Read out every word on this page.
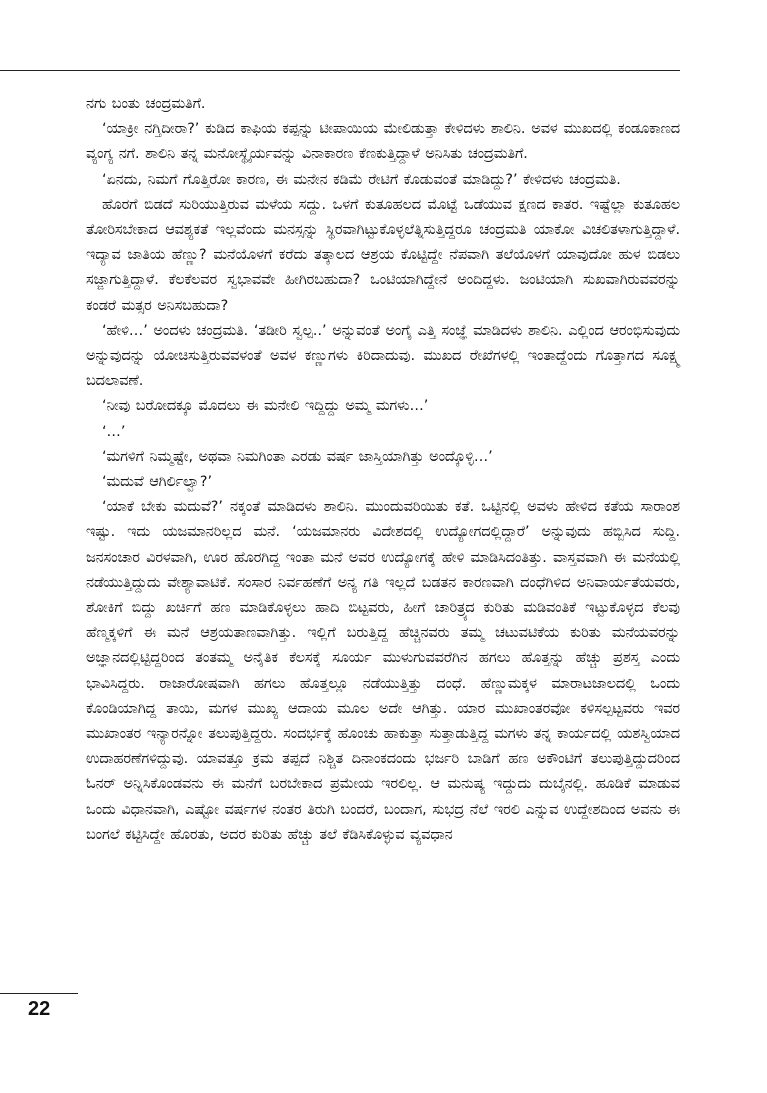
ನಗು ಬಂತು ಚಂದ್ರಮತಿಗೆ.

‘ಯಾಕ್ರೀ ನಗ್ತಿದೀರಾ?’ ಕುಡಿದ ಕಾಫಿಯ ಕಪ್ಪನ್ನು ಟೀಪಾಯಿಯ ಮೇಲಿಡುತ್ತಾ ಕೇಳಿದಳು ಶಾಲಿನಿ. ಅವಳ ಮುಖದಲ್ಲಿ ಕಂಡೂಕಾಣದ ವ್ಯಂಗ್ಯ ನಗೆ. ಶಾಲಿನಿ ತನ್ನ ಮನೋಸ್ಥೈರ್ಯವನ್ನು ವಿನಾಕಾರಣ ಕೆಣಕುತ್ತಿದ್ದಾಳೆ ಅನಿಸಿತು ಚಂದ್ರಮತಿಗೆ.

‘ಏನದು, ನಿಮಗೆ ಗೊತ್ತಿರೋ ಕಾರಣ, ಈ ಮನೇನ ಕಡಿಮೆ ರೇಟಿಗೆ ಕೊಡುವಂತೆ ಮಾಡಿದ್ದು?’ ಕೇಳಿದಳು ಚಂದ್ರಮತಿ.

ಹೊರಗೆ ಬಿಡದೆ ಸುರಿಯುತ್ತಿರುವ ಮಳೆಯ ಸದ್ದು. ಒಳಗೆ ಕುತೂಹಲದ ಮೊಟ್ಟೆ ಒಡೆಯುವ ಕ್ಷಣದ ಕಾತರ. ಇಷ್ಟೆಲ್ಲಾ ಕುತೂಹಲ ತೋರಿಸಬೇಕಾದ ಆವಶ್ಯಕತೆ ಇಲ್ಲವೆಂದು ಮನಸ್ಸನ್ನು ಸ್ಥಿರವಾಗಿಟ್ಟುಕೊಳ್ಳಲೆತ್ನಿಸುತ್ತಿದ್ದರೂ ಚಂದ್ರಮತಿ ಯಾಕೋ ವಿಚಲಿತಳಾಗುತ್ತಿದ್ದಾಳೆ. ಇದ್ಯಾವ ಜಾತಿಯ ಹೆಣ್ಣು? ಮನೆಯೊಳಗೆ ಕರೆದು ತತ್ಕಾಲದ ಆಶ್ರಯ ಕೊಟ್ಟಿದ್ದೇ ನೆಪವಾಗಿ ತಲೆಯೊಳಗೆ ಯಾವುದೋ ಹುಳ ಬಿಡಲು ಸಜ್ಜಾಗುತ್ತಿದ್ದಾಳೆ. ಕೆಲಕೆಲವರ ಸ್ವಭಾವವೇ ಹೀಗಿರಬಹುದಾ? ಒಂಟಿಯಾಗಿದ್ದೇನೆ ಅಂದಿದ್ದಳು. ಜಂಟಿಯಾಗಿ ಸುಖವಾಗಿರುವವರನ್ನು ಕಂಡರೆ ಮತ್ಸರ ಅನಿಸಬಹುದಾ?

‘ಹೇಳಿ…’ ಅಂದಳು ಚಂದ್ರಮತಿ. ‘ತಡೀರಿ ಸ್ವಲ್ಪ..’ ಅನ್ನುವಂತೆ ಅಂಗೈ ಎತ್ತಿ ಸಂಜ್ಞೆ ಮಾಡಿದಳು ಶಾಲಿನಿ. ಎಲ್ಲಿಂದ ಆರಂಭಿಸುವುದು ಅನ್ನುವುದನ್ನು ಯೋಚಿಸುತ್ತಿರುವವಳಂತೆ ಅವಳ ಕಣ್ಣುಗಳು ಕಿರಿದಾದುವು. ಮುಖದ ರೇಖೆಗಳಲ್ಲಿ ಇಂತಾದ್ದೆಂದು ಗೊತ್ತಾಗದ ಸೂಕ್ಷ್ಮ ಬದಲಾವಣೆ.

‘ನೀವು ಬರೋದಕ್ಕೂ ಮೊದಲು ಈ ಮನೇಲಿ ಇದ್ದಿದ್ದು ಅಮ್ಮ ಮಗಳು…’

‘…’

‘ಮಗಳಿಗೆ ನಿಮ್ಮಷ್ಟೇ, ಅಥವಾ ನಿಮಗಿಂತಾ ಎರಡು ವರ್ಷ ಜಾಸ್ತಿಯಾಗಿತ್ತು ಅಂದ್ಕೊಳ್ಳಿ…’

‘ಮದುವೆ ಆಗಿರ್ಲಿಲ್ವಾ?’

‘ಯಾಕೆ ಬೇಕು ಮದುವೆ?’ ನಕ್ಕಂತೆ ಮಾಡಿದಳು ಶಾಲಿನಿ. ಮುಂದುವರಿಯಿತು ಕತೆ. ಒಟ್ಟಿನಲ್ಲಿ ಅವಳು ಹೇಳಿದ ಕತೆಯ ಸಾರಾಂಶ ಇಷ್ಟು. ಇದು ಯಜಮಾನರಿಲ್ಲದ ಮನೆ. ‘ಯಜಮಾನರು ವಿದೇಶದಲ್ಲಿ ಉದ್ಯೋಗದಲ್ಲಿದ್ದಾರೆ’ ಅನ್ನುವುದು ಹಬ್ಬಿಸಿದ ಸುದ್ದಿ. ಜನಸಂಚಾರ ವಿರಳವಾಗಿ, ಊರ ಹೊರಗಿದ್ದ ಇಂತಾ ಮನೆ ಅವರ ಉದ್ಯೋಗಕ್ಕೆ ಹೇಳಿ ಮಾಡಿಸಿದಂತಿತ್ತು. ವಾಸ್ತವವಾಗಿ ಈ ಮನೆಯಲ್ಲಿ ನಡೆಯುತ್ತಿದ್ದುದು ವೇಶ್ಯಾವಾಟಿಕೆ. ಸಂಸಾರ ನಿರ್ವಹಣೆಗೆ ಅನ್ಯ ಗತಿ ಇಲ್ಲದೆ ಬಡತನ ಕಾರಣವಾಗಿ ದಂಧೆಗಿಳಿದ ಅನಿವಾರ್ಯತೆಯವರು, ಶೋಕಿಗೆ ಬಿದ್ದು ಖರ್ಚಿಗೆ ಹಣ ಮಾಡಿಕೊಳ್ಳಲು ಹಾದಿ ಬಿಟ್ಟವರು, ಹೀಗೆ ಚಾರಿತ್ರ್ಯದ ಕುರಿತು ಮಡಿವಂತಿಕೆ ಇಟ್ಟುಕೊಳ್ಳದ ಕೆಲವು ಹೆಣ್ಮಕ್ಕಳಿಗೆ ಈ ಮನೆ ಆಶ್ರಯತಾಣವಾಗಿತ್ತು. ಇಲ್ಲಿಗೆ ಬರುತ್ತಿದ್ದ ಹೆಚ್ಚಿನವರು ತಮ್ಮ ಚಟುವಟಿಕೆಯ ಕುರಿತು ಮನೆಯವರನ್ನು ಅಜ್ಞಾನದಲ್ಲಿಟ್ಟಿದ್ದರಿಂದ ತಂತಮ್ಮ ಅನೈತಿಕ ಕೆಲಸಕ್ಕೆ ಸೂರ್ಯ ಮುಳುಗುವವರೆಗಿನ ಹಗಲು ಹೊತ್ತನ್ನು ಹೆಚ್ಚು ಪ್ರಶಸ್ತ ಎಂದು ಭಾವಿಸಿದ್ದರು. ರಾಜಾರೋಷವಾಗಿ ಹಗಲು ಹೊತ್ತಲ್ಲೂ ನಡೆಯುತ್ತಿತ್ತು ದಂಧೆ. ಹೆಣ್ಣುಮಕ್ಕಳ ಮಾರಾಟಜಾಲದಲ್ಲಿ ಒಂದು ಕೊಂಡಿಯಾಗಿದ್ದ ತಾಯಿ, ಮಗಳ ಮುಖ್ಯ ಆದಾಯ ಮೂಲ ಅದೇ ಆಗಿತ್ತು. ಯಾರ ಮುಖಾಂತರವೋ ಕಳಿಸಲ್ಪಟ್ಟವರು ಇವರ ಮುಖಾಂತರ ಇನ್ಯಾರನ್ನೋ ತಲುಪುತ್ತಿದ್ದರು. ಸಂದರ್ಭಕ್ಕೆ ಹೊಂಚು ಹಾಕುತ್ತಾ ಸುತ್ತಾಡುತ್ತಿದ್ದ ಮಗಳು ತನ್ನ ಕಾರ್ಯದಲ್ಲಿ ಯಶಸ್ವಿಯಾದ ಉದಾಹರಣೆಗಳಿದ್ದುವು. ಯಾವತ್ತೂ ಕ್ರಮ ತಪ್ಪದೆ ನಿಶ್ಚಿತ ದಿನಾಂಕದಂದು ಭರ್ಜರಿ ಬಾಡಿಗೆ ಹಣ ಅಕೌಂಟಿಗೆ ತಲುಪುತ್ತಿದ್ದುದರಿಂದ ಓನರ್ ಅನ್ನಿಸಿಕೊಂಡವನು ಈ ಮನೆಗೆ ಬರಬೇಕಾದ ಪ್ರಮೇಯ ಇರಲಿಲ್ಲ. ಆ ಮನುಷ್ಯ ಇದ್ದುದು ದುಬೈನಲ್ಲಿ. ಹೂಡಿಕೆ ಮಾಡುವ ಒಂದು ವಿಧಾನವಾಗಿ, ಎಷ್ಟೋ ವರ್ಷಗಳ ನಂತರ ತಿರುಗಿ ಬಂದರೆ, ಬಂದಾಗ, ಸುಭದ್ರ ನೆಲೆ ಇರಲಿ ಎನ್ನುವ ಉದ್ದೇಶದಿಂದ ಅವನು ಈ ಬಂಗಲೆ ಕಟ್ಟಿಸಿದ್ದೇ ಹೊರತು, ಅದರ ಕುರಿತು ಹೆಚ್ಚು ತಲೆ ಕೆಡಿಸಿಕೊಳ್ಳುವ ವ್ಯವಧಾನ

22
